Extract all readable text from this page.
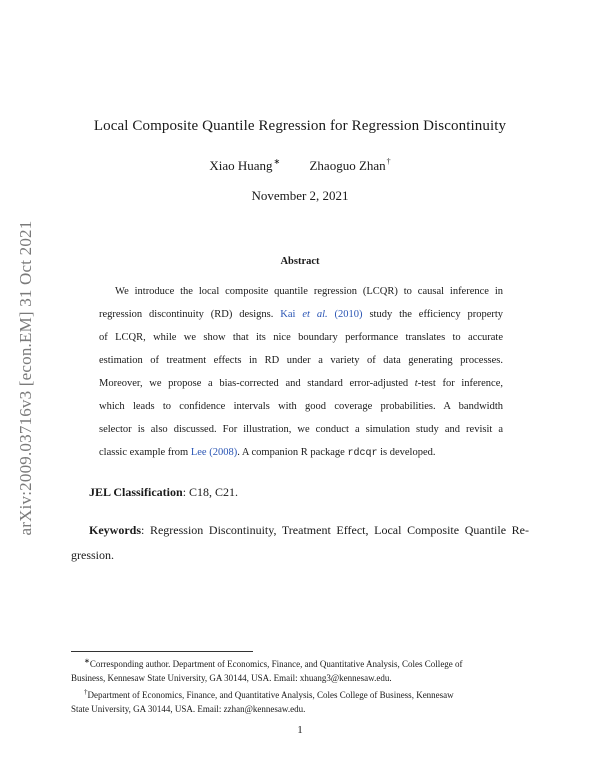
arXiv:2009.03716v3 [econ.EM] 31 Oct 2021
Local Composite Quantile Regression for Regression Discontinuity
Xiao Huang∗ Zhaoguo Zhan†
November 2, 2021
Abstract
We introduce the local composite quantile regression (LCQR) to causal inference in
regression discontinuity (RD) designs. Kai et al. (2010) study the efficiency property
of LCQR, while we show that its nice boundary performance translates to accurate
estimation of treatment effects in RD under a variety of data generating processes.
Moreover, we propose a bias-corrected and standard error-adjusted t-test for inference,
which leads to confidence intervals with good coverage probabilities. A bandwidth
selector is also discussed. For illustration, we conduct a simulation study and revisit a
classic example from Lee (2008). A companion R package rdcqr is developed.
JEL Classification: C18, C21.
Keywords: Regression Discontinuity, Treatment Effect, Local Composite Quantile Re-
gression.
∗Corresponding author. Department of Economics, Finance, and Quantitative Analysis, Coles College of
Business, Kennesaw State University, GA 30144, USA. Email: xhuang3@kennesaw.edu.
†Department of Economics, Finance, and Quantitative Analysis, Coles College of Business, Kennesaw
State University, GA 30144, USA. Email: zzhan@kennesaw.edu.
1
